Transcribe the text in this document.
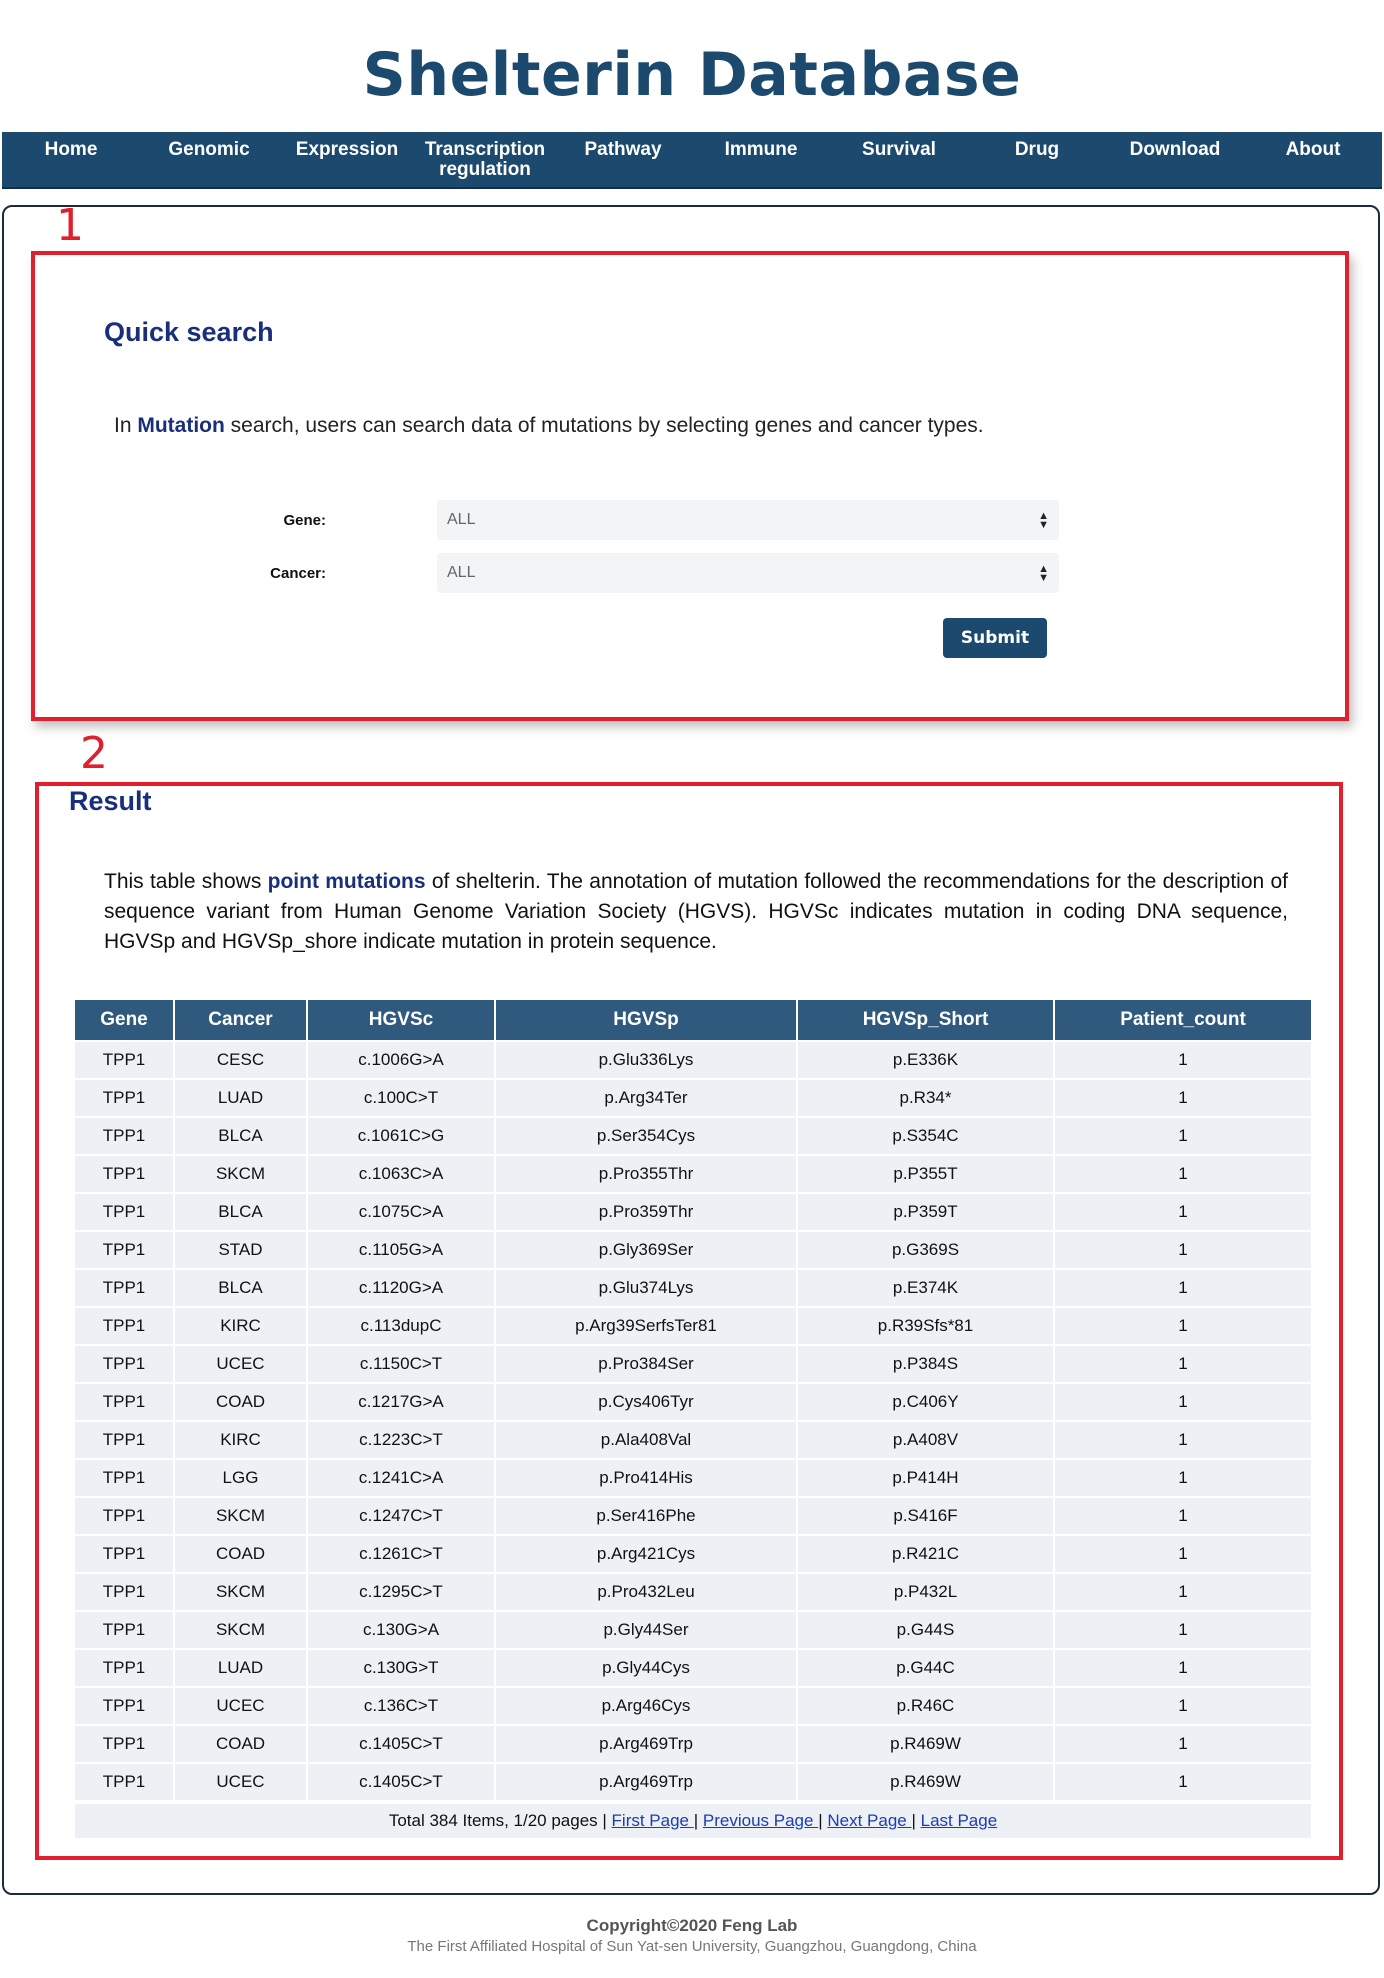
Shelterin Database
Home	Genomic	Expression	Transcription regulation
Pathway	Immune	Survival	Drug	Download	About
1
Quick search
In Mutation search, users can search data of mutations by selecting genes and cancer types.
Gene:	ALL	▲
▼
Cancer:	ALL	▲
▼
Submit
2
Result
This table shows point mutations of shelterin. The annotation of mutation followed the recommendations for the description of sequence variant from Human Genome Variation Society (HGVS). HGVSc indicates mutation in coding DNA sequence, HGVSp and HGVSp_shore indicate mutation in protein sequence.
Gene	Cancer	HGVSc	HGVSp	HGVSp_Short	Patient_count
TPP1	CESC	c.1006G>A	p.Glu336Lys	p.E336K	1
TPP1	LUAD	c.100C>T	p.Arg34Ter	p.R34*	1
TPP1	BLCA	c.1061C>G	p.Ser354Cys	p.S354C	1
TPP1	SKCM	c.1063C>A	p.Pro355Thr	p.P355T	1
TPP1	BLCA	c.1075C>A	p.Pro359Thr	p.P359T	1
TPP1	STAD	c.1105G>A	p.Gly369Ser	p.G369S	1
TPP1	BLCA	c.1120G>A	p.Glu374Lys	p.E374K	1
TPP1	KIRC	c.113dupC	p.Arg39SerfsTer81	p.R39Sfs*81	1
TPP1	UCEC	c.1150C>T	p.Pro384Ser	p.P384S	1
TPP1	COAD	c.1217G>A	p.Cys406Tyr	p.C406Y	1
TPP1	KIRC	c.1223C>T	p.Ala408Val	p.A408V	1
TPP1	LGG	c.1241C>A	p.Pro414His	p.P414H	1
TPP1	SKCM	c.1247C>T	p.Ser416Phe	p.S416F	1
TPP1	COAD	c.1261C>T	p.Arg421Cys	p.R421C	1
TPP1	SKCM	c.1295C>T	p.Pro432Leu	p.P432L	1
TPP1	SKCM	c.130G>A	p.Gly44Ser	p.G44S	1
TPP1	LUAD	c.130G>T	p.Gly44Cys	p.G44C	1
TPP1	UCEC	c.136C>T	p.Arg46Cys	p.R46C	1
TPP1	COAD	c.1405C>T	p.Arg469Trp	p.R469W	1
TPP1	UCEC	c.1405C>T	p.Arg469Trp	p.R469W	1
Total 384 Items, 1/20 pages | First Page | Previous Page | Next Page | Last Page
Copyright©2020 Feng Lab
The First Affiliated Hospital of Sun Yat-sen University, Guangzhou, Guangdong, China
